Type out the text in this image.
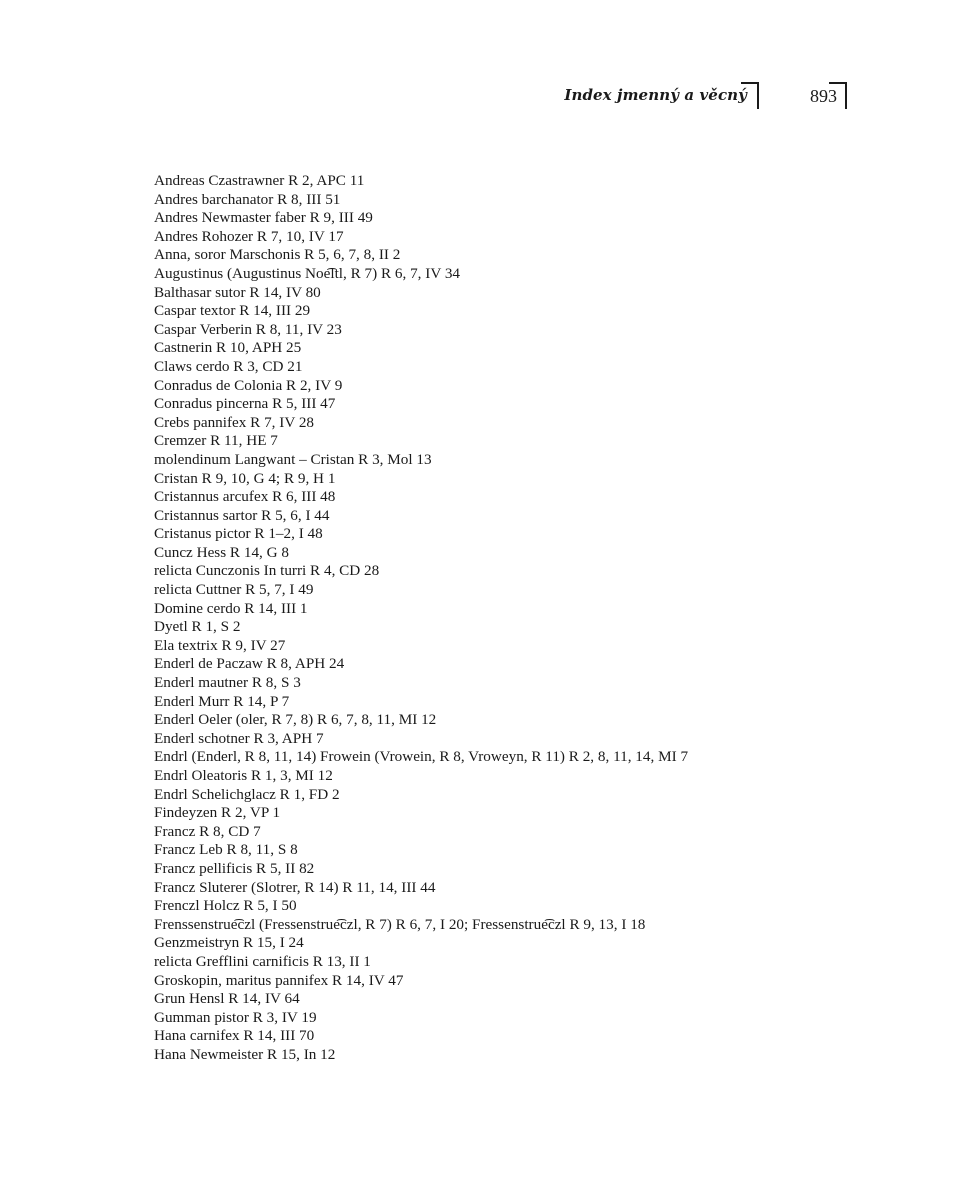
Index jmenný a věcný	893
Andreas Czastrawner R 2, APC 11
Andres barchanator R 8, III 51
Andres Newmaster faber R 9, III 49
Andres Rohozer R 7, 10, IV 17
Anna, soror Marschonis R 5, 6, 7, 8, II 2
Augustinus (Augustinus Noe͡ltl, R 7) R 6, 7, IV 34
Balthasar sutor R 14, IV 80
Caspar textor R 14, III 29
Caspar Verberin R 8, 11, IV 23
Castnerin R 10, APH 25
Claws cerdo R 3, CD 21
Conradus de Colonia R 2, IV 9
Conradus pincerna R 5, III 47
Crebs pannifex R 7, IV 28
Cremzer R 11, HE 7
molendinum Langwant – Cristan R 3, Mol 13
Cristan R 9, 10, G 4; R 9, H 1
Cristannus arcufex R 6, III 48
Cristannus sartor R 5, 6, I 44
Cristanus pictor R 1–2, I 48
Cuncz Hess R 14, G 8
relicta Cunczonis In turri R 4, CD 28
relicta Cuttner R 5, 7, I 49
Domine cerdo R 14, III 1
Dyetl R 1, S 2
Ela textrix R 9, IV 27
Enderl de Paczaw R 8, APH 24
Enderl mautner R 8, S 3
Enderl Murr R 14, P 7
Enderl Oeler (oler, R 7, 8) R 6, 7, 8, 11, MI 12
Enderl schotner R 3, APH 7
Endrl (Enderl, R 8, 11, 14) Frowein (Vrowein, R 8, Vroweyn, R 11) R 2, 8, 11, 14, MI 7
Endrl Oleatoris R 1, 3, MI 12
Endrl Schelichglacz R 1, FD 2
Findeyzen R 2, VP 1
Francz R 8, CD 7
Francz Leb R 8, 11, S 8
Francz pellificis R 5, II 82
Francz Sluterer (Slotrer, R 14) R 11, 14, III 44
Frenczl Holcz R 5, I 50
Frenssenstrue͡czl (Fressenstrue͡czl, R 7) R 6, 7, I 20; Fressenstrue͡czl R 9, 13, I 18
Genzmeistryn R 15, I 24
relicta Grefflini carnificis R 13, II 1
Groskopin, maritus pannifex R 14, IV 47
Grun Hensl R 14, IV 64
Gumman pistor R 3, IV 19
Hana carnifex R 14, III 70
Hana Newmeister R 15, In 12
